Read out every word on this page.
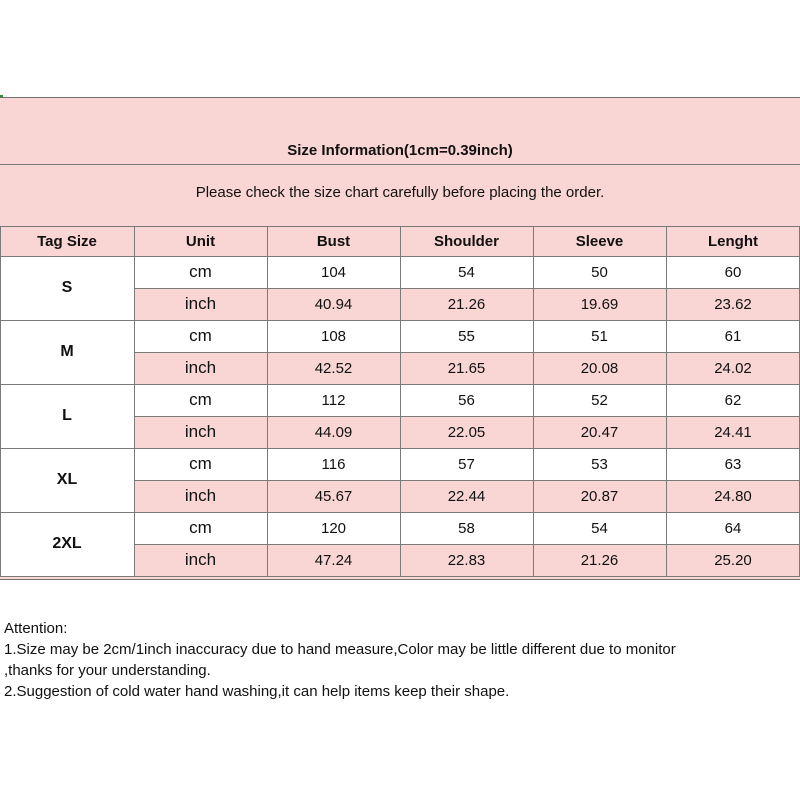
Size Information(1cm=0.39inch)
Please check the size chart carefully before placing the order.
Tag Size	Unit	Bust	Shoulder	Sleeve	Lenght
S
cm	104	54	50	60
inch	40.94	21.26	19.69	23.62
M
cm	108	55	51	61
inch	42.52	21.65	20.08	24.02
L
cm	112	56	52	62
inch	44.09	22.05	20.47	24.41
XL
cm	116	57	53	63
inch	45.67	22.44	20.87	24.80
2XL
cm	120	58	54	64
inch	47.24	22.83	21.26	25.20
Attention:
1.Size may be 2cm/1inch inaccuracy due to hand measure,Color may be little different due to monitor
,thanks for your understanding.
2.Suggestion of cold water hand washing,it can help items keep their shape.
